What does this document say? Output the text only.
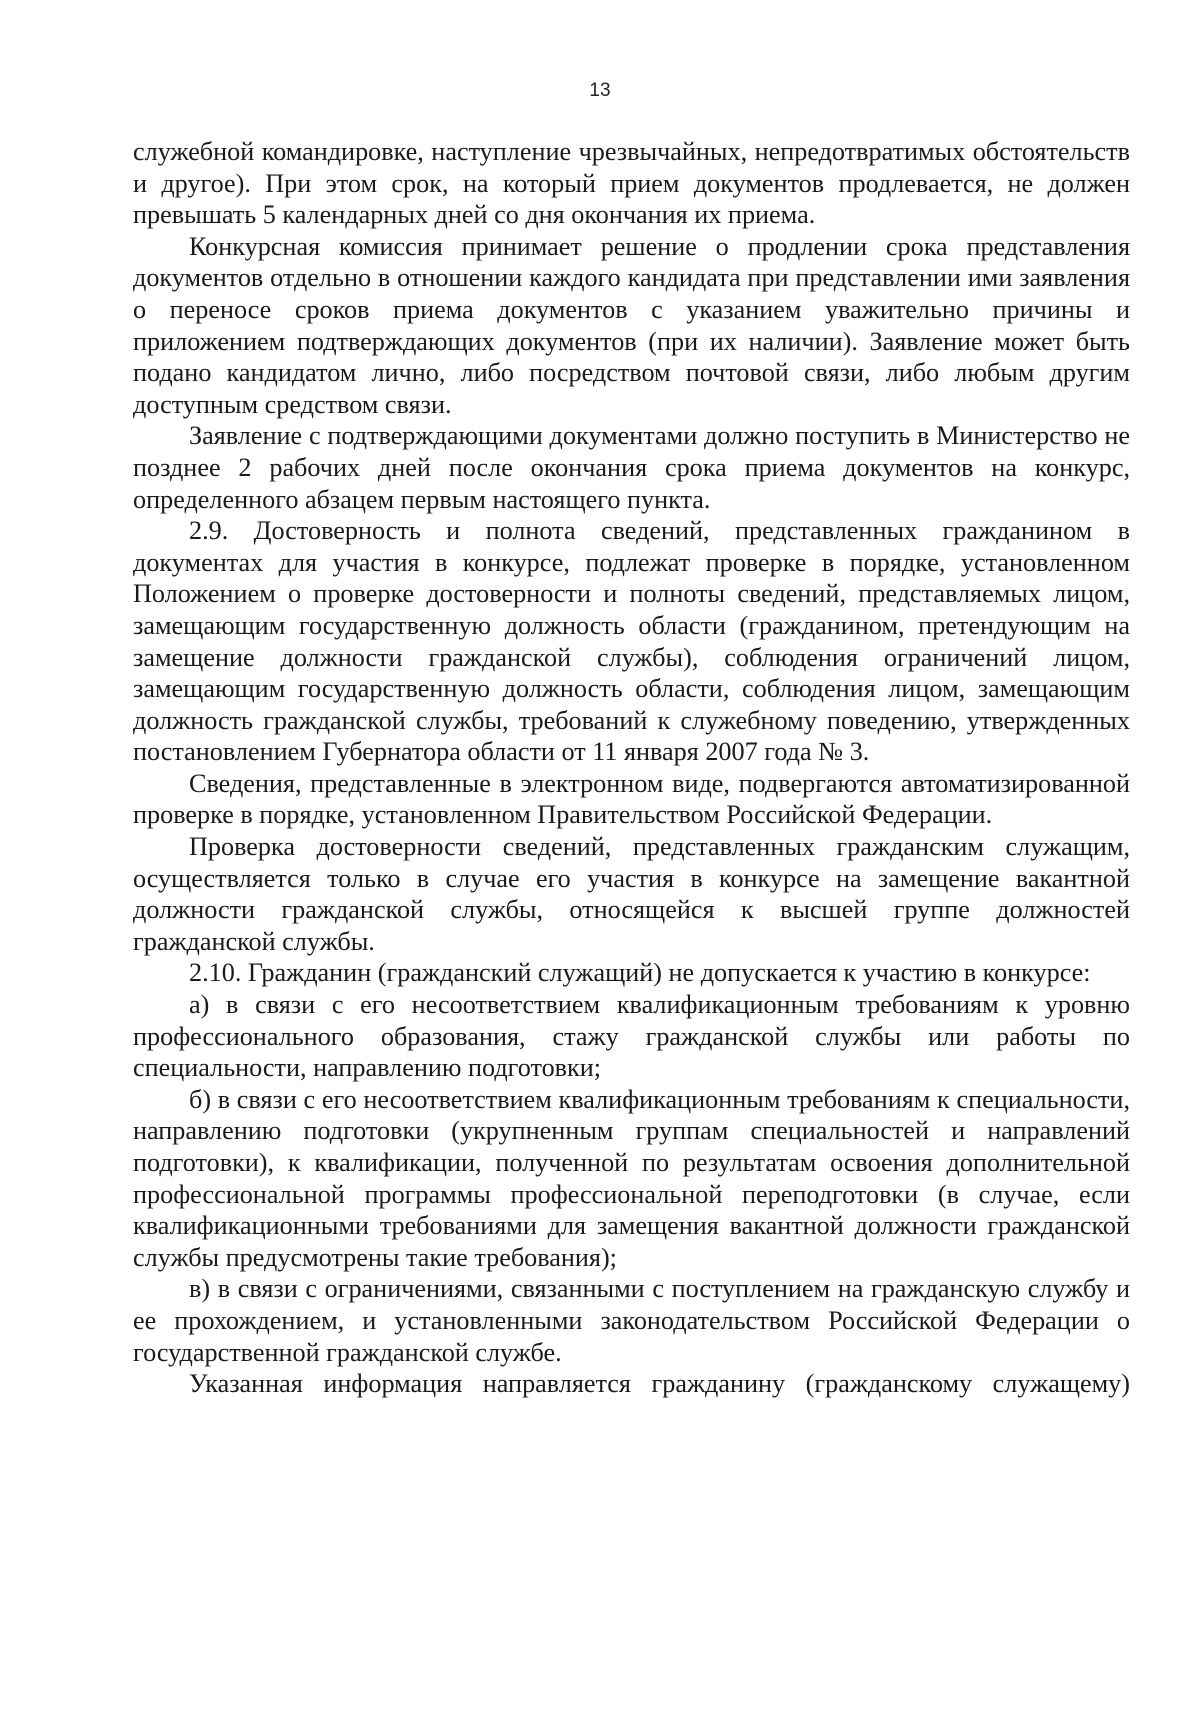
13

служебной командировке, наступление чрезвычайных, непредотвратимых обстоятельств и другое). При этом срок, на который прием документов продлевается, не должен превышать 5 календарных дней со дня окончания их приема.

Конкурсная комиссия принимает решение о продлении срока представления документов отдельно в отношении каждого кандидата при представлении ими заявления о переносе сроков приема документов с указанием уважительно причины и приложением подтверждающих документов (при их наличии). Заявление может быть подано кандидатом лично, либо посредством почтовой связи, либо любым другим доступным средством связи.

Заявление с подтверждающими документами должно поступить в Министерство не позднее 2 рабочих дней после окончания срока приема документов на конкурс, определенного абзацем первым настоящего пункта.

2.9. Достоверность и полнота сведений, представленных гражданином в документах для участия в конкурсе, подлежат проверке в порядке, установленном Положением о проверке достоверности и полноты сведений, представляемых лицом, замещающим государственную должность области (гражданином, претендующим на замещение должности гражданской службы), соблюдения ограничений лицом, замещающим государственную должность области, соблюдения лицом, замещающим должность гражданской службы, требований к служебному поведению, утвержденных постановлением Губернатора области от 11 января 2007 года № 3.

Сведения, представленные в электронном виде, подвергаются автоматизированной проверке в порядке, установленном Правительством Российской Федерации.

Проверка достоверности сведений, представленных гражданским служащим, осуществляется только в случае его участия в конкурсе на замещение вакантной должности гражданской службы, относящейся к высшей группе должностей гражданской службы.

2.10. Гражданин (гражданский служащий) не допускается к участию в конкурсе:

а) в связи с его несоответствием квалификационным требованиям к уровню профессионального образования, стажу гражданской службы или работы по специальности, направлению подготовки;

б) в связи с его несоответствием квалификационным требованиям к специальности, направлению подготовки (укрупненным группам специальностей и направлений подготовки), к квалификации, полученной по результатам освоения дополнительной профессиональной программы профессиональной переподготовки (в случае, если квалификационными требованиями для замещения вакантной должности гражданской службы предусмотрены такие требования);

в) в связи с ограничениями, связанными с поступлением на гражданскую службу и ее прохождением, и установленными законодательством Российской Федерации о государственной гражданской службе.

Указанная информация направляется гражданину (гражданскому служащему)
